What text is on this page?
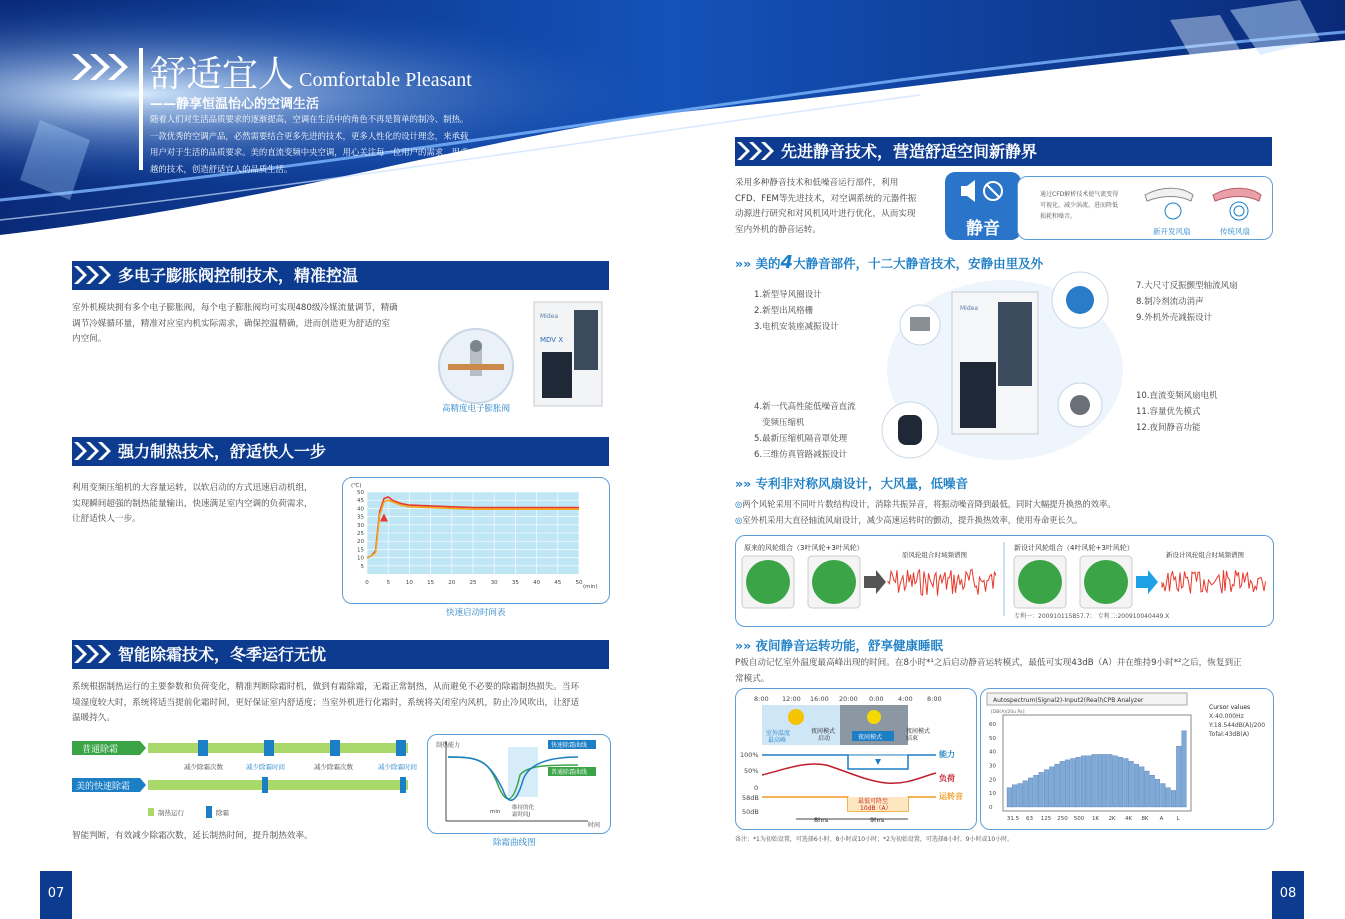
舒适宜人 Comfortable Pleasant
——静享恒温怡心的空调生活
随着人们对生活品质要求的逐渐提高，空调在生活中的角色不再是简单的制冷、制热。
一款优秀的空调产品，必然需要结合更多先进的技术，更多人性化的设计理念，来承载
用户对于生活的品质要求。美的直流变频中央空调，用心关注每一位用户的需求，用卓
越的技术，创造舒适宜人的品质生活。
多电子膨胀阀控制技术，精准控温
室外机模块拥有多个电子膨胀阀，每个电子膨胀阀均可实现480级冷媒流量调节，精确
调节冷媒循环量，精准对应室内机实际需求，确保控温精确，进而创造更为舒适的室
内空间。
Midea
MDV X
高精度电子膨胀阀
强力制热技术，舒适快人一步
利用变频压缩机的大容量运转，以软启动的方式迅速启动机组，
实现瞬间超强的制热能量输出，快速满足室内空调的负荷需求，
让舒适快人一步。
5
10
15
20
25
30
35
40
45
50
0	5	10	15	20	25	30	35	40	45	50
(℃)
(min)
快速启动时间表
智能除霜技术，冬季运行无忧
系统根据制热运行的主要参数和负荷变化，精准判断除霜时机，做到有霜除霜，无霜正常制热，从而避免不必要的除霜制热损失。当环
境湿度较大时，系统将适当提前化霜时间，更好保证室内舒适度；当室外机进行化霜时，系统将关闭室内风机，防止冷风吹出，让舒适
温暖持久。
普通除霜
减少除霜次数	减少除霜时间	减少除霜次数	减少除霜时间
美的快速除霜
制热运行	除霜
智能判断，有效减少除霜次数，延长制热时间，提升制热效率。
制热能力
时间
快速除霜曲线
普通除霜曲线
min
维持的化
霜时间J
除霜曲线图
07
先进静音技术，营造舒适空间新静界
采用多种静音技术和低噪音运行部件，利用
CFD、FEM等先进技术，对空调系统的元器件振
动源进行研究和对风机风叶进行优化，从而实现
室内外机的静音运转。	静音
通过CFD解析技术使气流变得
可视化，减少涡流，进而降低
损耗和噪音。
新开发风扇	传统风扇
»» 美的4大静音部件，十二大静音技术，安静由里及外
1.新型导风圈设计
2.新型出风格栅
3.电机安装座减振设计
4.新一代高性能低噪音直流
变频压缩机
5.最新压缩机隔音罩处理
6.三维仿真管路减振设计
7.大尺寸反振颤型轴流风扇
8.制冷剂流动消声
9.外机外壳减振设计
10.直流变频风扇电机
11.容量优先模式
12.夜间静音功能
Midea
»» 专利非对称风扇设计，大风量，低噪音
◎两个风轮采用不同叶片数结构设计，消除共振异音，将振动噪音降到最低，同时大幅提升换热的效率。
◎室外机采用大直径轴流风扇设计，减少高速运转时的颤动，提升换热效率，使用寿命更长久。
原来的风轮组合（3叶风轮+3叶风轮）
原风轮组合时域频谱图
新设计风轮组合（4叶风轮+3叶风轮）
新设计风轮组合时域频谱图
专利一：200910115857.7； 专利二:200910040449.X
»» 夜间静音运转功能，舒享健康睡眠
P板自动记忆室外温度最高峰出现的时间。在8小时*¹之后启动静音运转模式，最低可实现43dB（A）并在维持9小时*²之后，恢复到正
常模式。
8:00 12:00 16:00 20:00 0:00 4:00 8:00
室外温度
最高峰
夜间模式
启动	夜间模式
夜间模式
结束
100%
50%
0
58dB
50dB
最低可降至
10dB（A）
能力
负荷
运转音
8hrs	9hrs
Autospectrum(Signal2)-Input2(Real)\CPB Analyzer
[DB(A)/20u Pa]
Cursor values
X:40.000Hz
Y:18.544dB(A)/200
Tofal:43dB(A)
60
50
40
30
20
10
0
31.5 63 125 250 500 1K 2K 4K 8K A L
备注：*1为初始设置，可选择6小时、8小时或10小时；*2为初始设置，可选择8小时、9小时或10小时。
08
